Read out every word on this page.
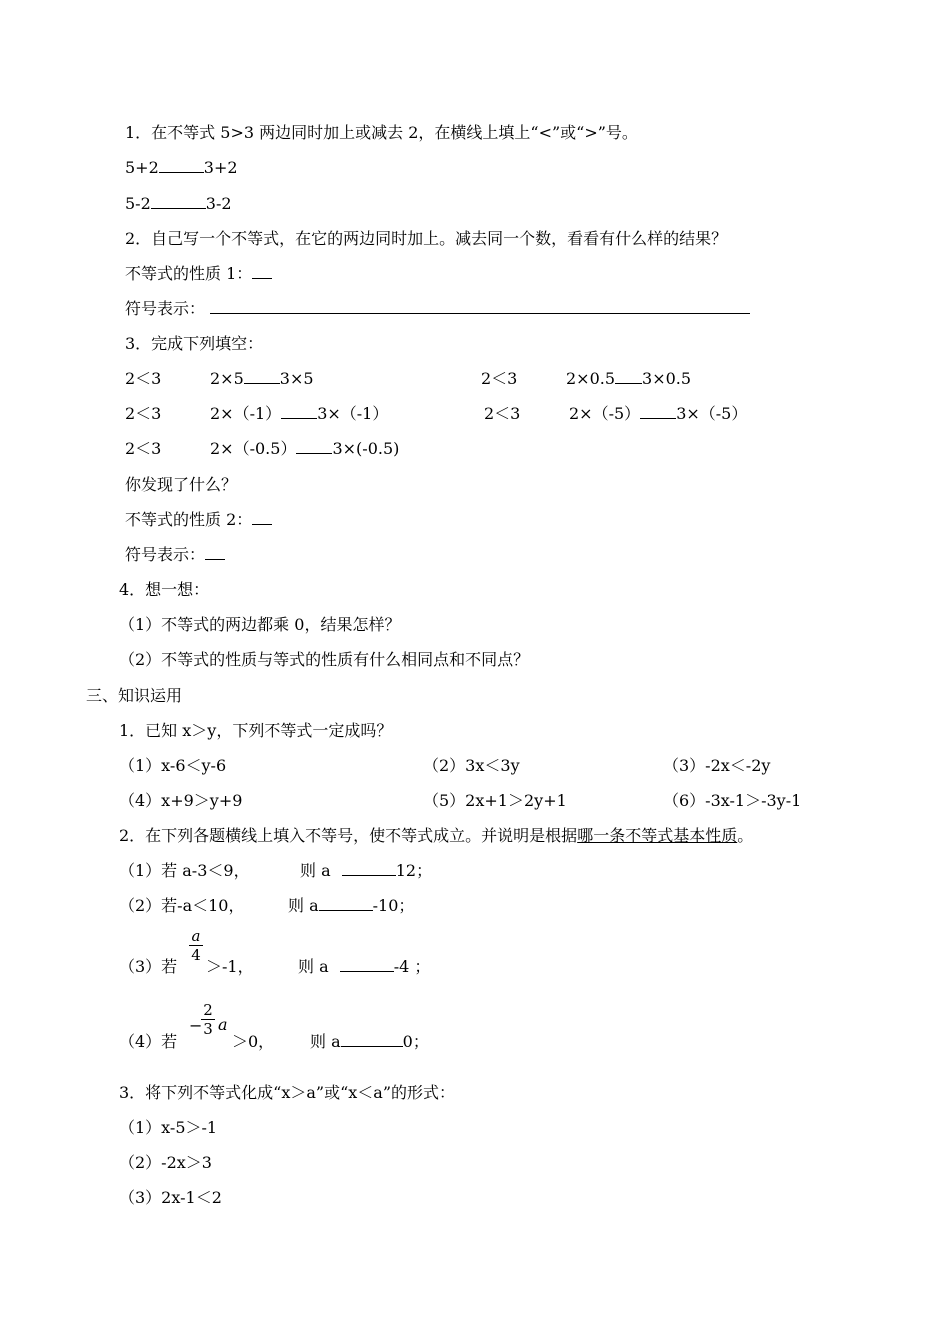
1．在不等式 5>3 两边同时加上或减去 2，在横线上填上“<”或“>”号。
5+2	3+2
5-2	3-2
2．自己写一个不等式，在它的两边同时加上。减去同一个数，看看有什么样的结果？
不等式的性质 1：
符号表示：
3．完成下列填空：
2＜3	2×5 3×5	2＜3	2×0.5 3×0.5
2＜3	2×（-1） 3×（-1）	2＜3	2×（-5） 3×（-5）
2＜3	2×（-0.5） 3×(-0.5)
你发现了什么？
不等式的性质 2：
符号表示：
4．想一想：
（1）不等式的两边都乘 0，结果怎样？
（2）不等式的性质与等式的性质有什么相同点和不同点？
三、知识运用
1．已知 x＞y，下列不等式一定成吗？
（1）x-6＜y-6	（2）3x＜3y	（3）-2x＜-2y
（4）x+9＞y+9	（5）2x+1＞2y+1	（6）-3x-1＞-3y-1
2．在下列各题横线上填入不等号，使不等式成立。并说明是根据哪一条不等式基本性质。
（1）若 a-3＜9，	则 a	12；
（2）若-a＜10，	则 a	-10；
（3）若
a
4
＞-1，	则 a	-4 ；
（4）若
−
2
3 a
＞0， 则 a	0；
3．将下列不等式化成“x＞a”或“x＜a”的形式：
（1）x-5＞-1
（2）-2x＞3
（3）2x-1＜2
